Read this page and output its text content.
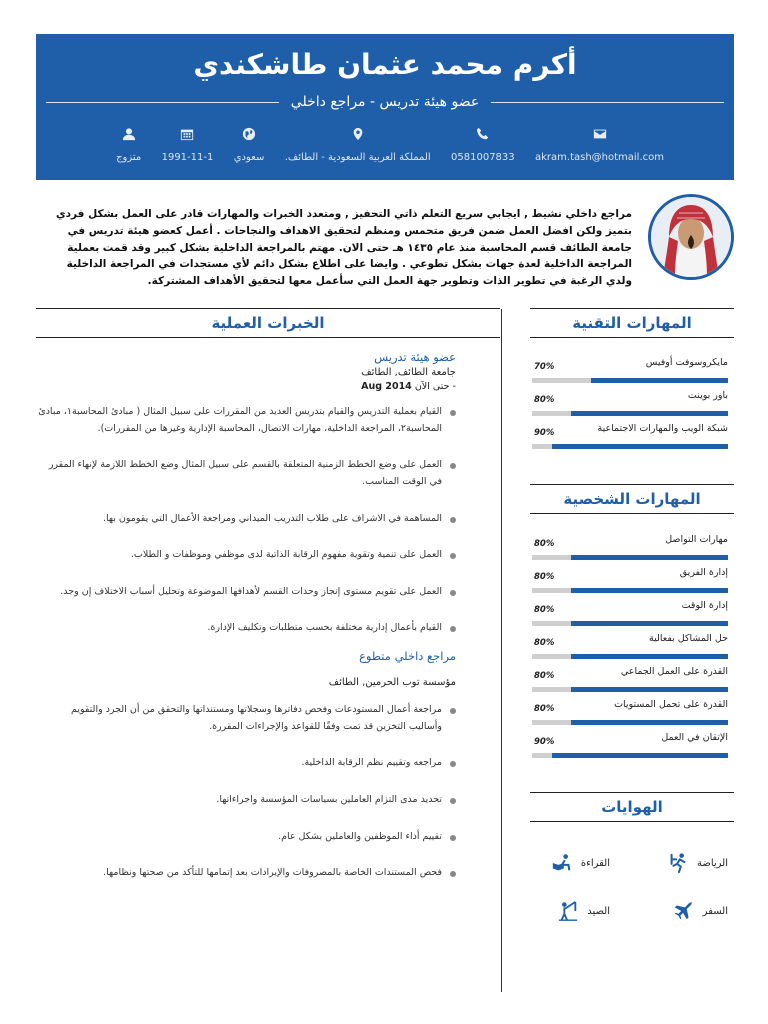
أكرم محمد عثمان طاشكندي
عضو هيئة تدريس - مراجع داخلي
akram.tash@hotmail.com
0581007833
المملكة العربية السعودية - الطائف.
سعودي
1991-11-1
متزوج

مراجع داخلي نشيط , ايجابي سريع التعلم ذاتي التحفيز , ومتعدد الخبرات والمهارات قادر على العمل بشكل فردي بتميز ولكن افضل العمل ضمن فريق متحمس ومنظم لتحقيق الاهداف والنجاحات . أعمل كعضو هيئة تدريس في جامعة الطائف قسم المحاسبة منذ عام ١٤٣٥ هـ حتى الان. مهتم بالمراجعة الداخلية بشكل كبير وقد قمت بعملية المراجعة الداخلية لعدة جهات بشكل تطوعي . وايضا على اطلاع بشكل دائم لأي مستجدات في المراجعة الداخلية ولدي الرغبة في تطوير الذات وتطوير جهة العمل التي سأعمل معها لتحقيق الأهداف المشتركة.

الخبرات العملية
عضو هيئة تدريس
جامعة الطائف, الطائف
- حتى الآن Aug 2014
القيام بعملية التدريس والقيام بتدريس العديد من المقررات على سبيل المثال ( مبادئ المحاسبة١، مبادئ المحاسبة٢، المراجعة الداخلية، مهارات الاتصال، المحاسبة الإدارية وغيرها من المقررات).
العمل على وضع الخطط الزمنية المتعلقة بالقسم على سبيل المثال وضع الخطط اللازمة لإنهاء المقرر في الوقت المناسب.
المساهمة في الاشراف على طلاب التدريب الميداني ومراجعة الأعمال التي يقومون بها.
العمل على تنمية وتقوية مفهوم الرقابة الذاتية لدى موظفي وموظفات و الطلاب.
العمل على تقويم مستوى إنجاز وحدات القسم لأهدافها الموضوعة وتحليل أسباب الاختلاف إن وجد.
القيام بأعمال إدارية مختلفة بحسب متطلبات وتكليف الإدارة.
مراجع داخلي متطوع
مؤسسة توب الحرمين, الطائف
مراجعة أعمال المستودعات وفحص دفاترها وسجلاتها ومستنداتها والتحقق من أن الجرد والتقويم وأساليب التخزين قد تمت وفقًا للقواعد والإجراءات المقررة.
مراجعه وتقييم نظم الرقابة الداخلية.
تحديد مدى التزام العاملين بسياسات المؤسسة واجراءاتها.
تقييم أداء الموظفين والعاملين بشكل عام.
فحص المستندات الخاصة بالمصروفات والإيرادات بعد إتمامها للتأكد من صحتها ونظامها.
المهارات التقنية
مايكروسوفت أوفيس
70%
باور بوينت
80%
شبكة الويب والمهارات الاجتماعية
90%
المهارات الشخصية
مهارات التواصل
80%
إدارة الفريق
80%
إدارة الوقت
80%
حل المشاكل بفعالية
80%
القدرة على العمل الجماعي
80%
القدرة على تحمل المستويات
80%
الإتقان في العمل
90%
الهوايات
الرياضة
القراءة
السفر
الصيد
